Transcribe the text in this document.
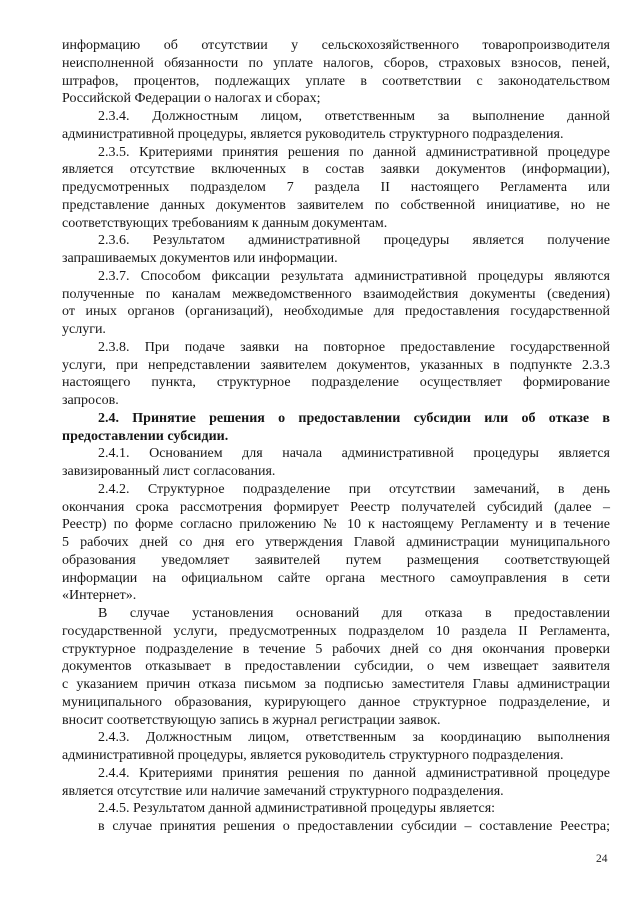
информацию об отсутствии у сельскохозяйственного товаропроизводителя
неисполненной обязанности по уплате налогов, сборов, страховых взносов, пеней,
штрафов, процентов, подлежащих уплате в соответствии с законодательством
Российской Федерации о налогах и сборах;
2.3.4. Должностным лицом, ответственным за выполнение данной
административной процедуры, является руководитель структурного подразделения.
2.3.5. Критериями принятия решения по данной административной процедуре
является отсутствие включенных в состав заявки документов (информации),
предусмотренных подразделом 7 раздела II настоящего Регламента или
представление данных документов заявителем по собственной инициативе, но не
соответствующих требованиям к данным документам.
2.3.6. Результатом административной процедуры является получение
запрашиваемых документов или информации.
2.3.7. Способом фиксации результата административной процедуры являются
полученные по каналам межведомственного взаимодействия документы (сведения)
от иных органов (организаций), необходимые для предоставления государственной
услуги.
2.3.8. При подаче заявки на повторное предоставление государственной
услуги, при непредставлении заявителем документов, указанных в подпункте 2.3.3
настоящего пункта, структурное подразделение осуществляет формирование
запросов.
2.4. Принятие решения о предоставлении субсидии или об отказе в
предоставлении субсидии.
2.4.1. Основанием для начала административной процедуры является
завизированный лист согласования.
2.4.2. Структурное подразделение при отсутствии замечаний, в день
окончания срока рассмотрения формирует Реестр получателей субсидий (далее –
Реестр) по форме согласно приложению № 10 к настоящему Регламенту и в течение
5 рабочих дней со дня его утверждения Главой администрации муниципального
образования уведомляет заявителей путем размещения соответствующей
информации на официальном сайте органа местного самоуправления в сети
«Интернет».
В случае установления оснований для отказа в предоставлении
государственной услуги, предусмотренных подразделом 10 раздела II Регламента,
структурное подразделение в течение 5 рабочих дней со дня окончания проверки
документов отказывает в предоставлении субсидии, о чем извещает заявителя
с указанием причин отказа письмом за подписью заместителя Главы администрации
муниципального образования, курирующего данное структурное подразделение, и
вносит соответствующую запись в журнал регистрации заявок.
2.4.3. Должностным лицом, ответственным за координацию выполнения
административной процедуры, является руководитель структурного подразделения.
2.4.4. Критериями принятия решения по данной административной процедуре
является отсутствие или наличие замечаний структурного подразделения.
2.4.5. Результатом данной административной процедуры является:
в случае принятия решения о предоставлении субсидии – составление Реестра;
24
